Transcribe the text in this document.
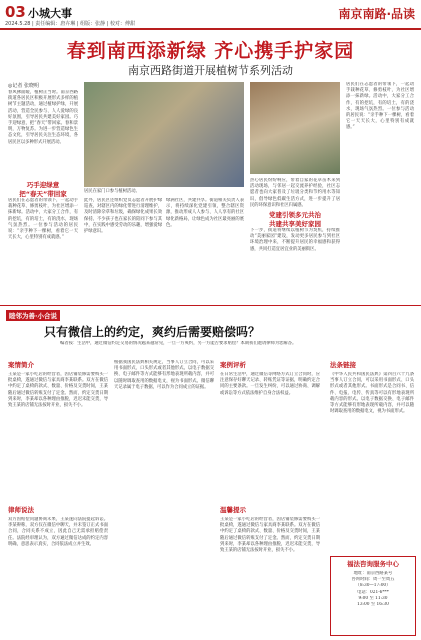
03 小城大事
2024.5.28 | 责任编辑：唐卉琳 | 组版：张静 | 校对：傅甜
南京南路·品读
春到南西添新绿 齐心携手护家园
南京西路街道开展植树节系列活动
◎记者 张晓明
春风拂面暖，植树正当时。南京西路街道各居民区积极开展形式多样的植树节主题活动，通过植绿护绿，开展活动，营造全民参与、人人爱绿的良好氛围，引导居民共建美好家园。巧手迎绿意，把“春天”带回家。春和景明，万物复苏。为进一步营造绿色生态文化，引导居民关注生态环境，各居民区以多种形式开展活动。
巧手迎绿意
把“春天”带回家
居民们在志愿者的带领下，一起动手栽种花草、修剪枝叶，为社区增添一抹新绿。活动中，大家分工合作，有的挖坑，有的培土，有的浇水，现场气氛热烈。一位参与活动的居民说：“亲手种下一棵树，看着它一天天长大，心里特别有成就感。”
居民在家门口参与植树活动。
此外，居民区还组织党员志愿者开展护绿巡查，对辖区内的绿化带进行清理维护，及时清除杂草和垃圾，确保绿化成果长效保持。不少孩子也在家长的陪同下参与其中，在实践中感受劳动的乐趣，增强爱绿护绿意识。
绿满社区，共建共享。街道相关负责人表示，将持续深化党建引领，整合辖区资源，推动形成人人参与、人人享有的社区绿化新格局，让绿色成为社区最亮丽的底色。
热心居民纷纷响应，带着自家的花草苗木来到活动现场，与邻居一起交流养护经验，社区志愿者也向大家普及了垃圾分类和节约用水等知识，倡导绿色低碳生活方式，进一步提升了居民的环保意识和社区归属感。
党建引领多元共治
共建共享美好家园
下一步，街道将继续以植树节为契机，持续推动“美丽家园”建设，发动更多居民参与到社区环境治理中来，不断提升居民的幸福感和获得感，共同打造宜居宜业的美丽街区。
居民们在志愿者的带领下，一起动手栽种花草、修剪枝叶，为社区增添一抹新绿。活动中，大家分工合作，有的挖坑，有的培土，有的浇水，现场气氛热烈。一位参与活动的居民说：“亲手种下一棵树，看着它一天天长大，心里特别有成就感。”
睦邻为善·小合说
只有微信上的约定，爽约后需要赔偿吗？
编者按：生活中，通过微信约定交易的情况越来越常见，一旦一方爽约，另一方能否要求赔偿？本期我们邀请律师为您解答。
案情简介
王某是一家小吃店的经营者，因店铺装修需要购买一批桌椅，遂通过微信与家具商李某联系。双方在微信中约定了桌椅的款式、数量、价格及交货时间，王某随后通过微信转账支付了定金。然而，约定交货日期到来时，李某却以各种理由推脱，迟迟未能交货，导致王某的店铺无法按时开业，损失不小。
律师说法
双方因赔偿问题协商未果，王某遂向法院提起诉讼。李某辩称，双方仅在微信中聊天，并未签订正式书面合同，合同关系不成立，因此自己无需承担赔偿责任。法院经审理认为，双方通过微信达成的约定内容明确，意思表示真实，合同依法成立并生效。
根据我国民法典相关规定，当事人订立合同，可以采用书面形式、口头形式或者其他形式。以电子数据交换、电子邮件等方式能够有形地表现所载内容，并可以随时调取查用的数据电文，视为书面形式。微信聊天记录属于电子数据，可以作为合同成立的证据。
案例评析
在日常生活中，通过微信等网络方式订立合同时，应注意保存好聊天记录、转账凭证等证据，明确约定合同的主要条款。一旦发生纠纷，可以通过协商、调解或诉讼等方式依法维护自身合法权益。
温馨提示
王某是一家小吃店的经营者，因店铺装修需要购买一批桌椅，遂通过微信与家具商李某联系。双方在微信中约定了桌椅的款式、数量、价格及交货时间，王某随后通过微信转账支付了定金。然而，约定交货日期到来时，李某却以各种理由推脱，迟迟未能交货，导致王某的店铺无法按时开业，损失不小。
法条链接
《中华人民共和国民法典》第四百六十九条 当事人订立合同，可以采用书面形式、口头形式或者其他形式。书面形式是合同书、信件、电报、电传、传真等可以有形地表现所载内容的形式。以电子数据交换、电子邮件等方式能够有形地表现所载内容，并可以随时调取查用的数据电文，视为书面形式。
福法咨询服务中心
地址：南京西路某号
咨询时间：周一至周五
（8:30—17:00）
电话：021-6***
9:00 至 11:30
13:00 至 16:30
